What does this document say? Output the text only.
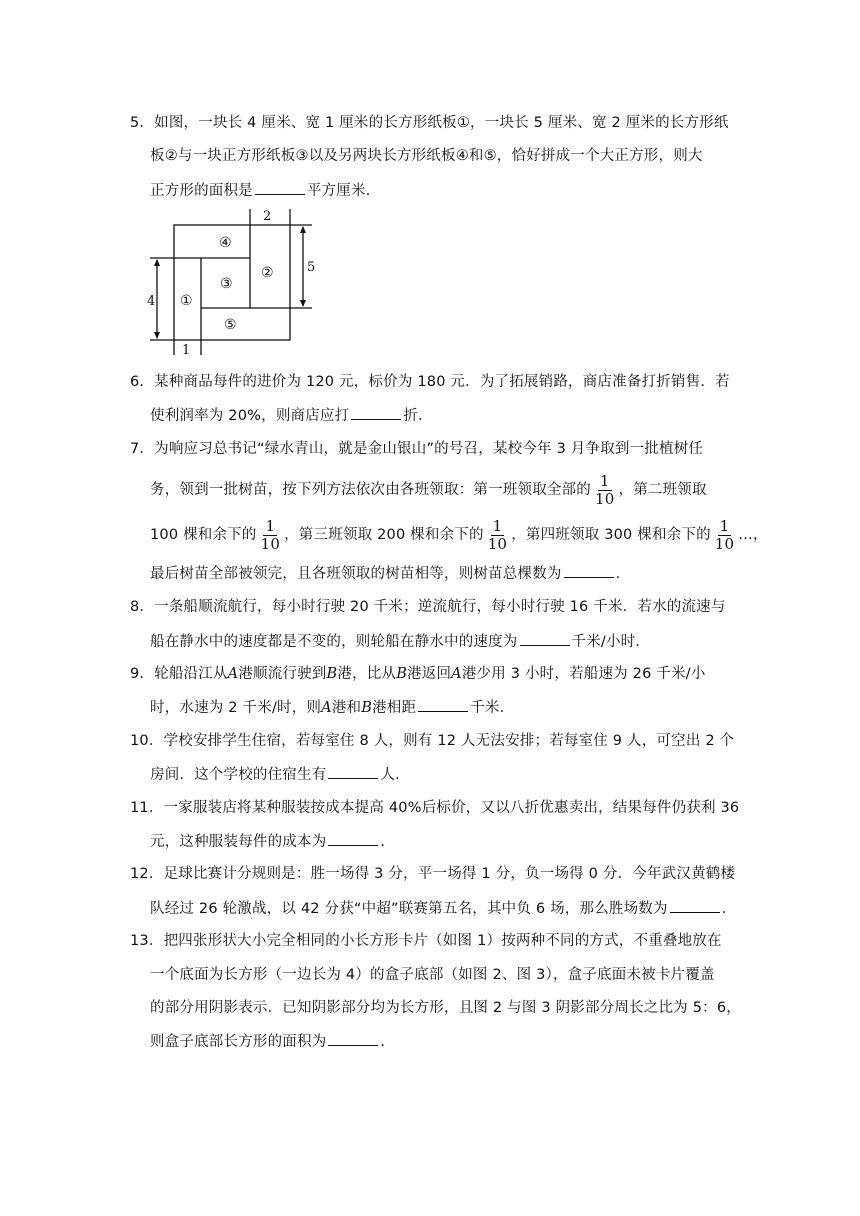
5．如图，一块长 4 厘米、宽 1 厘米的长方形纸板①，一块长 5 厘米、宽 2 厘米的长方形纸
板②与一块正方形纸板③以及另两块长方形纸板④和⑤，恰好拼成一个大正方形，则大
正方形的面积是	平方厘米．
2
5
4
1
④
②
③
①
⑤
6．某种商品每件的进价为 120 元，标价为 180 元．为了拓展销路，商店准备打折销售．若
使利润率为 20%，则商店应打	折．
7．为响应习总书记“绿水青山，就是金山银山”的号召，某校今年 3 月争取到一批植树任
务，领到一批树苗，按下列方法依次由各班领取：第一班领取全部的 $\frac{1}{10}$ ，第二班领取
100 棵和余下的 $\frac{1}{10}$ ，第三班领取 200 棵和余下的 $\frac{1}{10}$ ，第四班领取 300 棵和余下的 $\frac{1}{10}$ …，
最后树苗全部被领完，且各班领取的树苗相等，则树苗总棵数为	．
8．一条船顺流航行，每小时行驶 20 千米；逆流航行，每小时行驶 16 千米．若水的流速与
船在静水中的速度都是不变的，则轮船在静水中的速度为	千米/小时．
9．轮船沿江从A港顺流行驶到B港，比从B港返回A港少用 3 小时，若船速为 26 千米/小
时，水速为 2 千米/时，则A港和B港相距	千米．
10．学校安排学生住宿，若每室住 8 人，则有 12 人无法安排；若每室住 9 人，可空出 2 个
房间．这个学校的住宿生有	人．
11．一家服装店将某种服装按成本提高 40%后标价，又以八折优惠卖出，结果每件仍获利 36
元，这种服装每件的成本为	．
12．足球比赛计分规则是：胜一场得 3 分，平一场得 1 分，负一场得 0 分．今年武汉黄鹤楼
队经过 26 轮激战，以 42 分获“中超”联赛第五名，其中负 6 场，那么胜场数为	．
13．把四张形状大小完全相同的小长方形卡片（如图 1）按两种不同的方式，不重叠地放在
一个底面为长方形（一边长为 4）的盒子底部（如图 2、图 3），盒子底面未被卡片覆盖
的部分用阴影表示．已知阴影部分均为长方形，且图 2 与图 3 阴影部分周长之比为 5：6，
则盒子底部长方形的面积为	．
